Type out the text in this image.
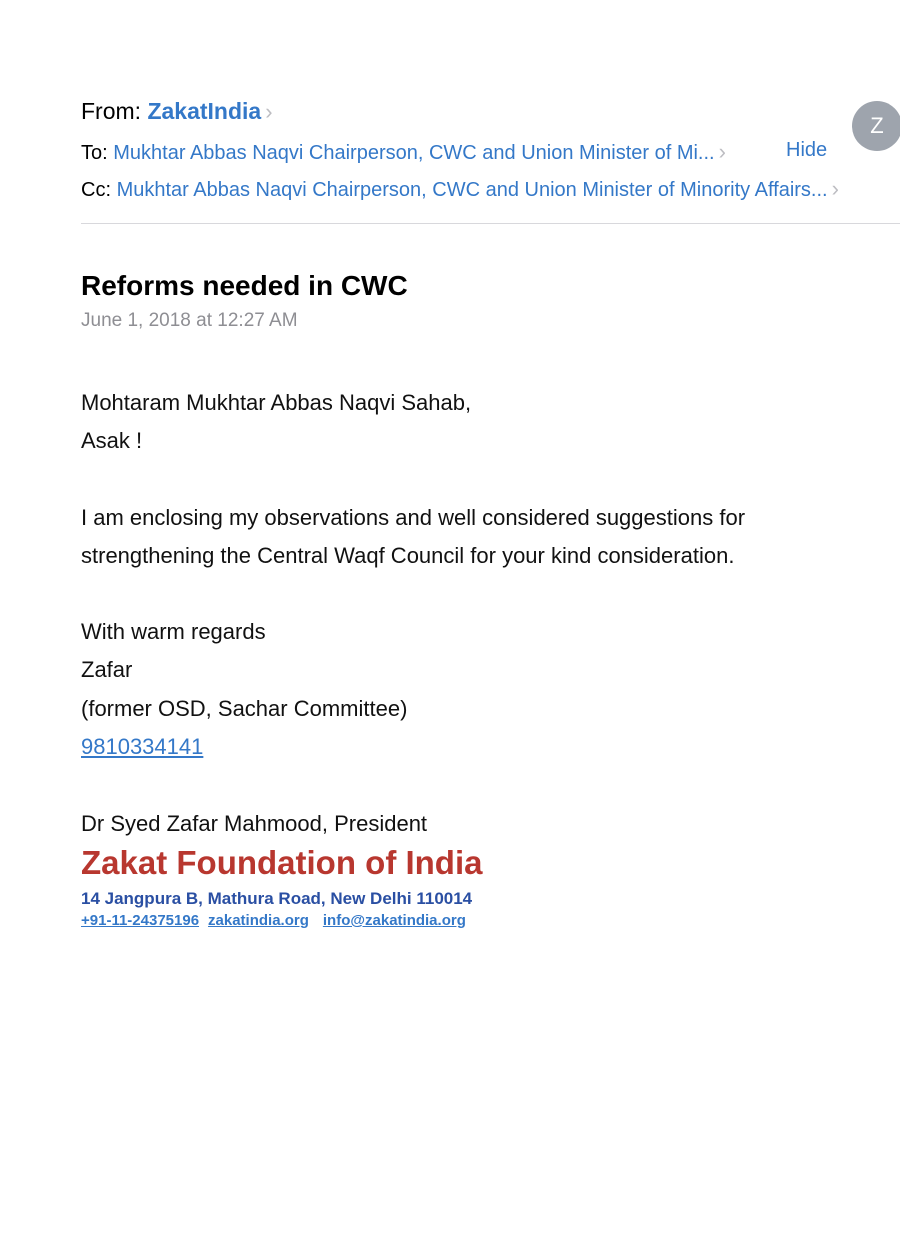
From: ZakatIndia ›
Z
To: Mukhtar Abbas Naqvi Chairperson, CWC and Union Minister of Mi... ›	Hide
Cc: Mukhtar Abbas Naqvi Chairperson, CWC and Union Minister of Minority Affairs... ›
Reforms needed in CWC
June 1, 2018 at 12:27 AM
Mohtaram Mukhtar Abbas Naqvi Sahab,
Asak !
I am enclosing my observations and well considered suggestions for
strengthening the Central Waqf Council for your kind consideration.
With warm regards
Zafar
(former OSD, Sachar Committee)
9810334141
Dr Syed Zafar Mahmood, President
Zakat Foundation of India
14 Jangpura B, Mathura Road, New Delhi 110014
+91-11-24375196 zakatindia.org info@zakatindia.org
